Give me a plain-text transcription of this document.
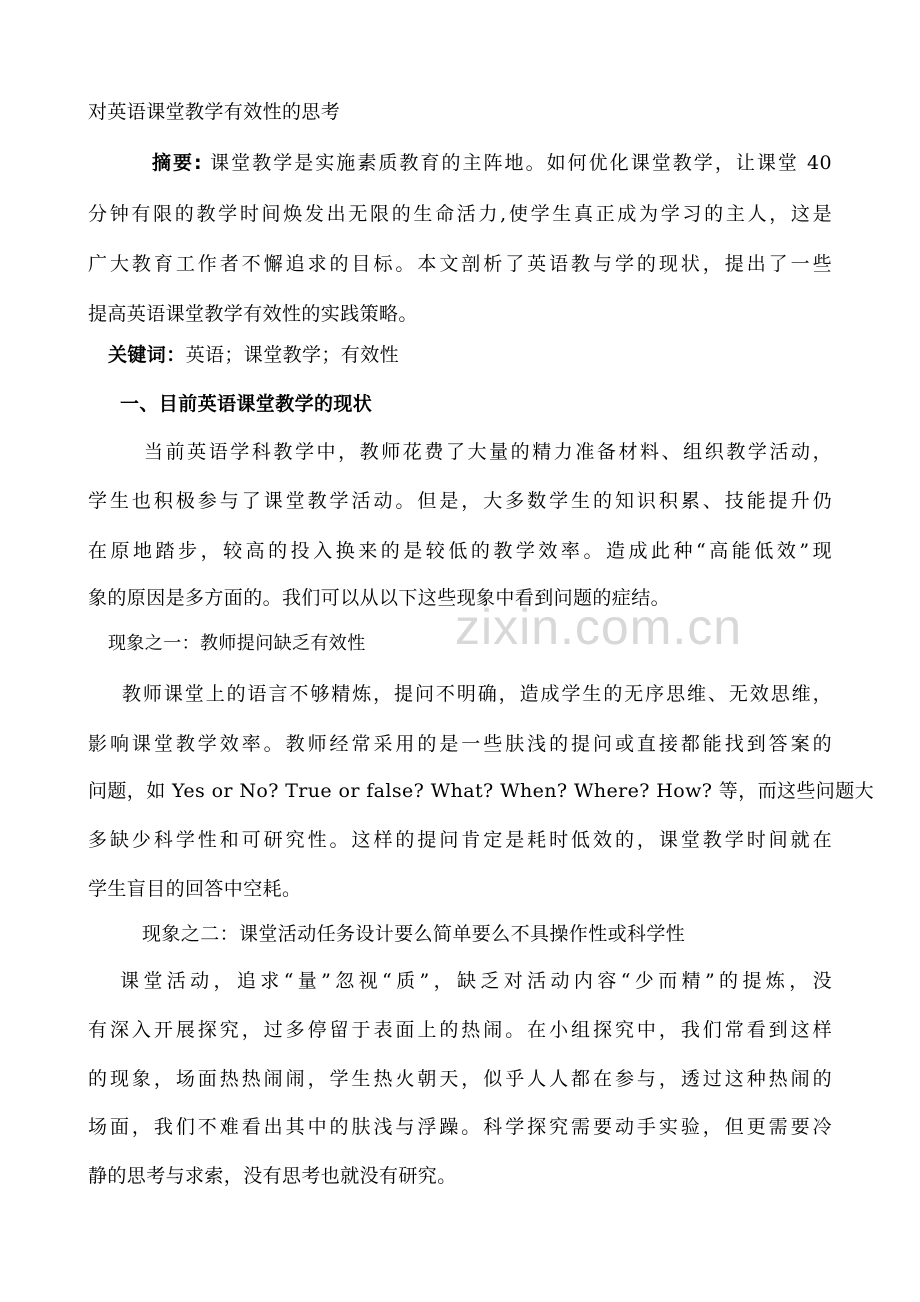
对英语课堂教学有效性的思考
摘要: 课堂教学是实施素质教育的主阵地。如何优化课堂教学，让课堂 40
分钟有限的教学时间焕发出无限的生命活力,使学生真正成为学习的主人，这是
广大教育工作者不懈追求的目标。本文剖析了英语教与学的现状，提出了一些
提高英语课堂教学有效性的实践策略。
关键词：英语；课堂教学；有效性
一、目前英语课堂教学的现状
当前英语学科教学中，教师花费了大量的精力准备材料、组织教学活动，
学生也积极参与了课堂教学活动。但是，大多数学生的知识积累、技能提升仍
在原地踏步，较高的投入换来的是较低的教学效率。造成此种“高能低效”现
象的原因是多方面的。我们可以从以下这些现象中看到问题的症结。
zixin.com.cn
现象之一：教师提问缺乏有效性
教师课堂上的语言不够精炼，提问不明确，造成学生的无序思维、无效思维，
影响课堂教学效率。教师经常采用的是一些肤浅的提问或直接都能找到答案的
问题，如 Yes or No? True or false? What? When? Where? How? 等，而这些问题大
多缺少科学性和可研究性。这样的提问肯定是耗时低效的，课堂教学时间就在
学生盲目的回答中空耗。
现象之二：课堂活动任务设计要么简单要么不具操作性或科学性
课堂活动，追求“量”忽视“质”，缺乏对活动内容“少而精”的提炼，没
有深入开展探究，过多停留于表面上的热闹。在小组探究中，我们常看到这样
的现象，场面热热闹闹，学生热火朝天，似乎人人都在参与，透过这种热闹的
场面，我们不难看出其中的肤浅与浮躁。科学探究需要动手实验，但更需要冷
静的思考与求索，没有思考也就没有研究。
